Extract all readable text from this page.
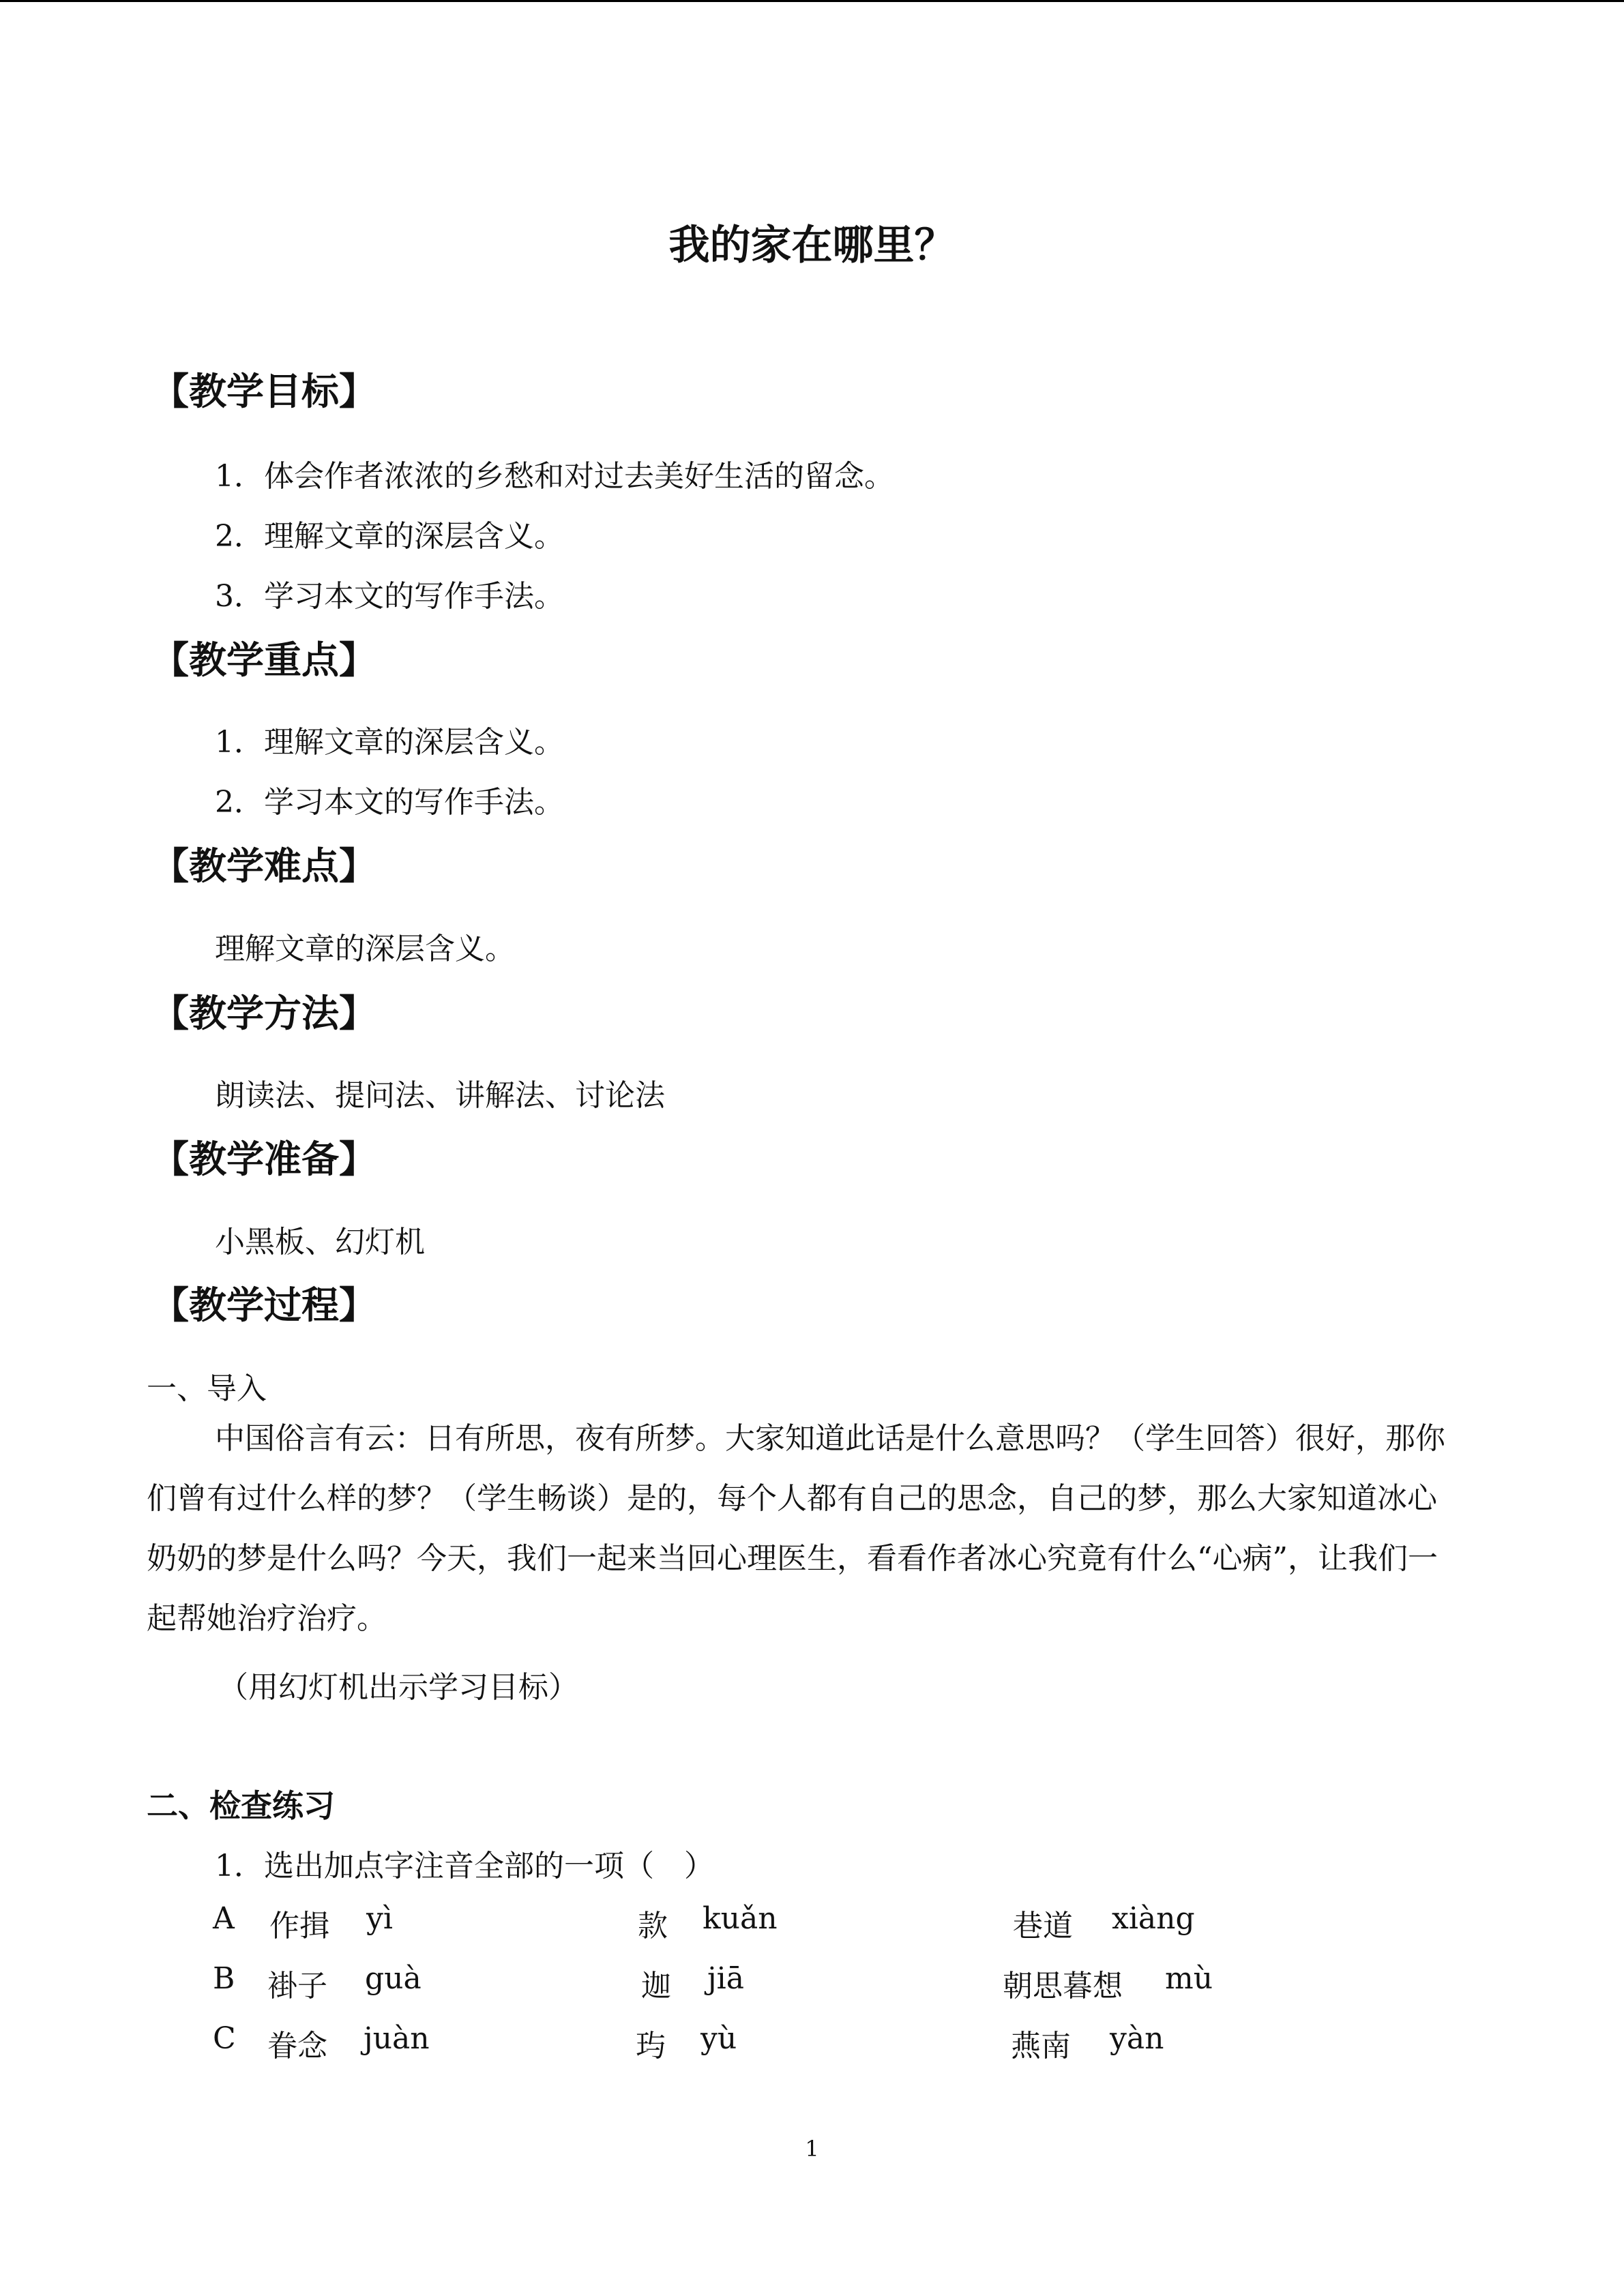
我的家在哪里？
【教学目标】
1．体会作者浓浓的乡愁和对过去美好生活的留念。
2．理解文章的深层含义。
3．学习本文的写作手法。
【教学重点】
1．理解文章的深层含义。
2．学习本文的写作手法。
【教学难点】
理解文章的深层含义。
【教学方法】
朗读法、提问法、讲解法、讨论法
【教学准备】
小黑板、幻灯机
【教学过程】
一、导入
中国俗言有云：日有所思，夜有所梦。大家知道此话是什么意思吗？（学生回答）很好，那你们曾有过什么样的梦？（学生畅谈）是的，每个人都有自己的思念，自己的梦，那么大家知道冰心奶奶的梦是什么吗？今天，我们一起来当回心理医生，看看作者冰心究竟有什么“心病”，让我们一起帮她治疗治疗。
（用幻灯机出示学习目标）
二、检查练习
1．选出加点字注音全部的一项（　）
A 作揖 yì	款 kuǎn	巷道 xiàng
B 褂子 guà	迦 jiā	朝思暮想 mù
C 眷念 juàn	玙 yù	燕南 yàn
1
